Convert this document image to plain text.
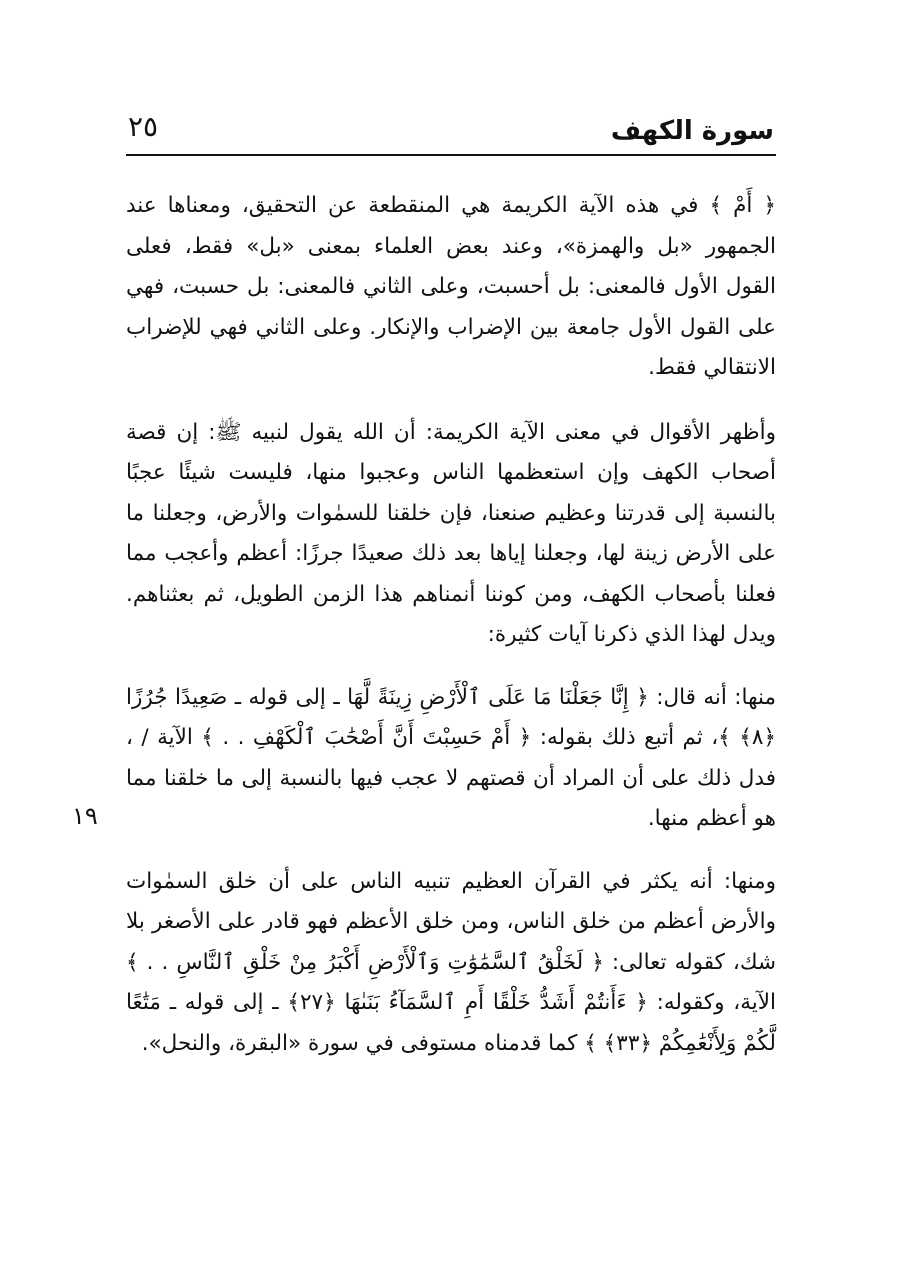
سورة الكهف
٢٥

﴿ أَمْ ﴾ في هذه الآية الكريمة هي المنقطعة عن التحقيق، ومعناها عند الجمهور «بل والهمزة»، وعند بعض العلماء بمعنى «بل» فقط، فعلى القول الأول فالمعنى: بل أحسبت، وعلى الثاني فالمعنى: بل حسبت، فهي على القول الأول جامعة بين الإضراب والإنكار. وعلى الثاني فهي للإضراب الانتقالي فقط.

وأظهر الأقوال في معنى الآية الكريمة: أن الله يقول لنبيه ﷺ: إن قصة أصحاب الكهف وإن استعظمها الناس وعجبوا منها، فليست شيئًا عجبًا بالنسبة إلى قدرتنا وعظيم صنعنا، فإن خلقنا للسمٰوات والأرض، وجعلنا ما على الأرض زينة لها، وجعلنا إياها بعد ذلك صعيدًا جرزًا: أعظم وأعجب مما فعلنا بأصحاب الكهف، ومن كوننا أنمناهم هذا الزمن الطويل، ثم بعثناهم. ويدل لهذا الذي ذكرنا آيات كثيرة:

منها: أنه قال: ﴿ إِنَّا جَعَلْنَا مَا عَلَى ٱلْأَرْضِ زِينَةً لَّهَا ـ إلى قوله ـ صَعِيدًا جُرُزًا ﴿٨﴾ ﴾، ثم أتبع ذلك بقوله: ﴿ أَمْ حَسِبْتَ أَنَّ أَصْحَٰبَ ٱلْكَهْفِ . . ﴾ الآية / ، فدل ذلك على أن المراد أن قصتهم لا عجب فيها بالنسبة إلى ما خلقنا مما هو أعظم منها.

ومنها: أنه يكثر في القرآن العظيم تنبيه الناس على أن خلق السمٰوات والأرض أعظم من خلق الناس، ومن خلق الأعظم فهو قادر على الأصغر بلا شك، كقوله تعالى: ﴿ لَخَلْقُ ٱلسَّمَٰوَٰتِ وَٱلْأَرْضِ أَكْبَرُ مِنْ خَلْقِ ٱلنَّاسِ . . ﴾ الآية، وكقوله: ﴿ ءَأَنتُمْ أَشَدُّ خَلْقًا أَمِ ٱلسَّمَآءُ بَنَىٰهَا ﴿٢٧﴾ ـ إلى قوله ـ مَتَٰعًا لَّكُمْ وَلِأَنْعَٰمِكُمْ ﴿٣٣﴾ ﴾ كما قدمناه مستوفى في سورة «البقرة، والنحل».

١٩
